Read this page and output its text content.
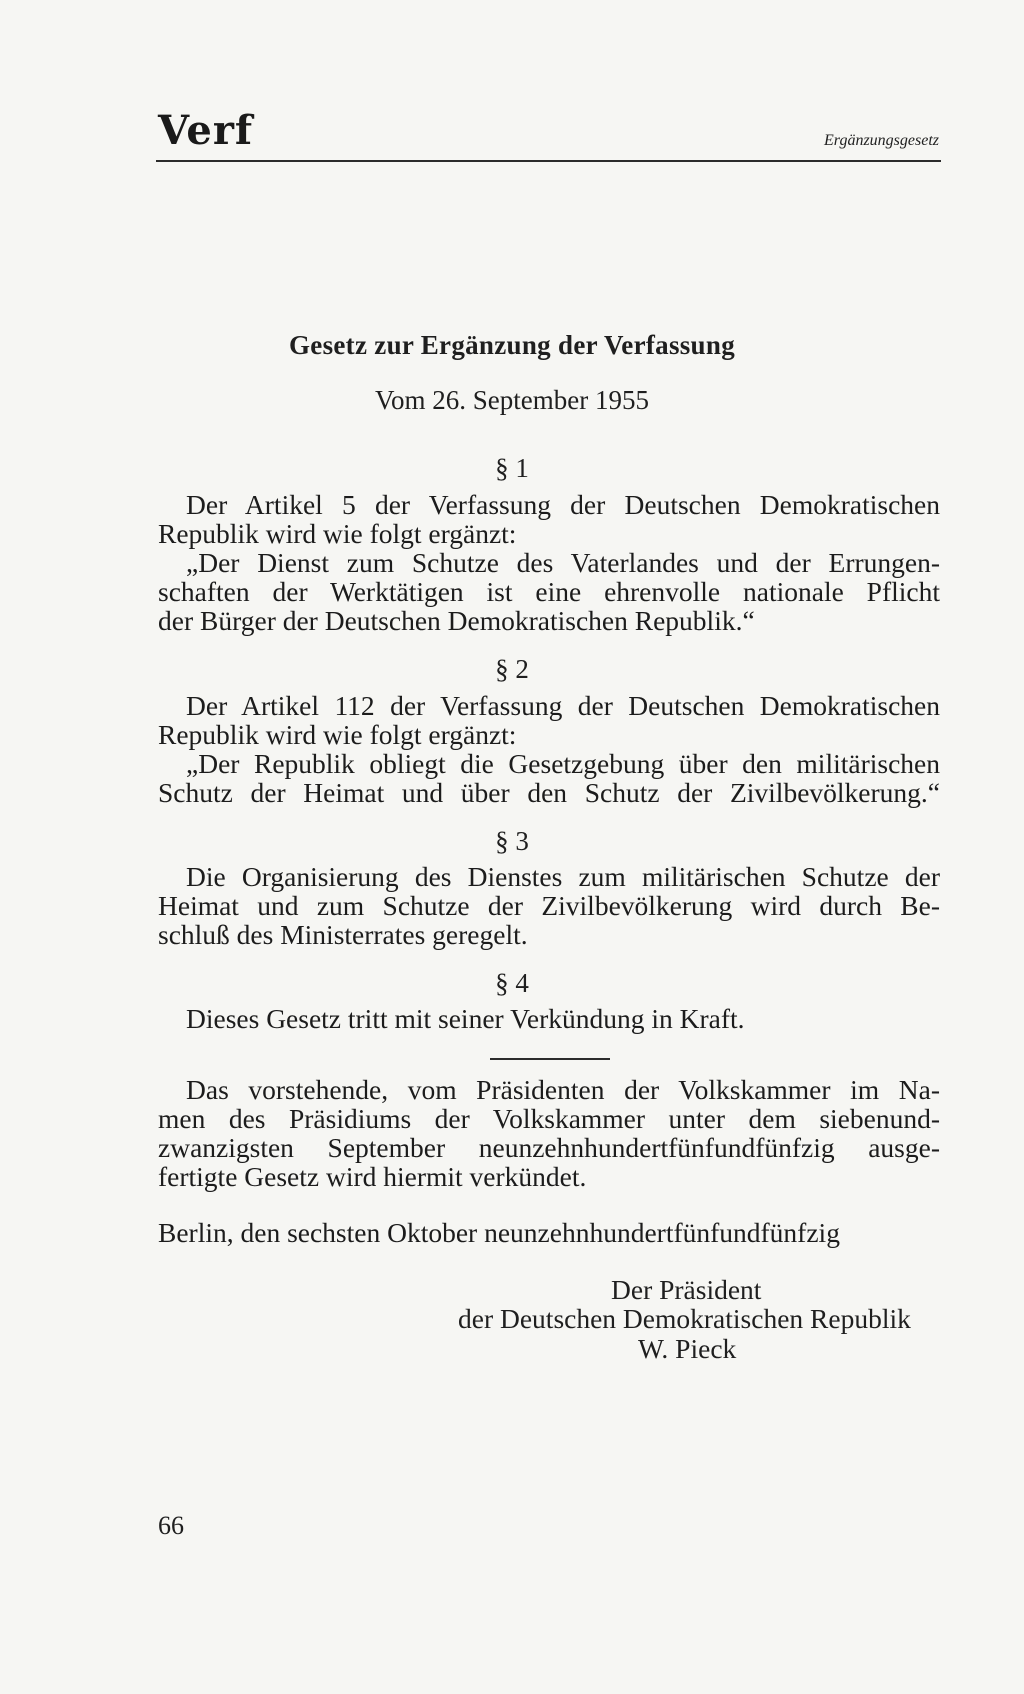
Verf	Ergänzungsgesetz
Gesetz zur Ergänzung der Verfassung
Vom 26. September 1955
§ 1
Der Artikel 5 der Verfassung der Deutschen Demokratischen
Republik wird wie folgt ergänzt:
„Der Dienst zum Schutze des Vaterlandes und der Errungen-
schaften der Werktätigen ist eine ehrenvolle nationale Pflicht
der Bürger der Deutschen Demokratischen Republik.“
§ 2
Der Artikel 112 der Verfassung der Deutschen Demokratischen
Republik wird wie folgt ergänzt:
„Der Republik obliegt die Gesetzgebung über den militärischen
Schutz der Heimat und über den Schutz der Zivilbevölkerung.“
§ 3
Die Organisierung des Dienstes zum militärischen Schutze der
Heimat und zum Schutze der Zivilbevölkerung wird durch Be-
schluß des Ministerrates geregelt.
§ 4
Dieses Gesetz tritt mit seiner Verkündung in Kraft.
Das vorstehende, vom Präsidenten der Volkskammer im Na-
men des Präsidiums der Volkskammer unter dem siebenund-
zwanzigsten September neunzehnhundertfünfundfünfzig ausge-
fertigte Gesetz wird hiermit verkündet.
Berlin, den sechsten Oktober neunzehnhundertfünfundfünfzig
Der Präsident
der Deutschen Demokratischen Republik
W. Pieck
66
